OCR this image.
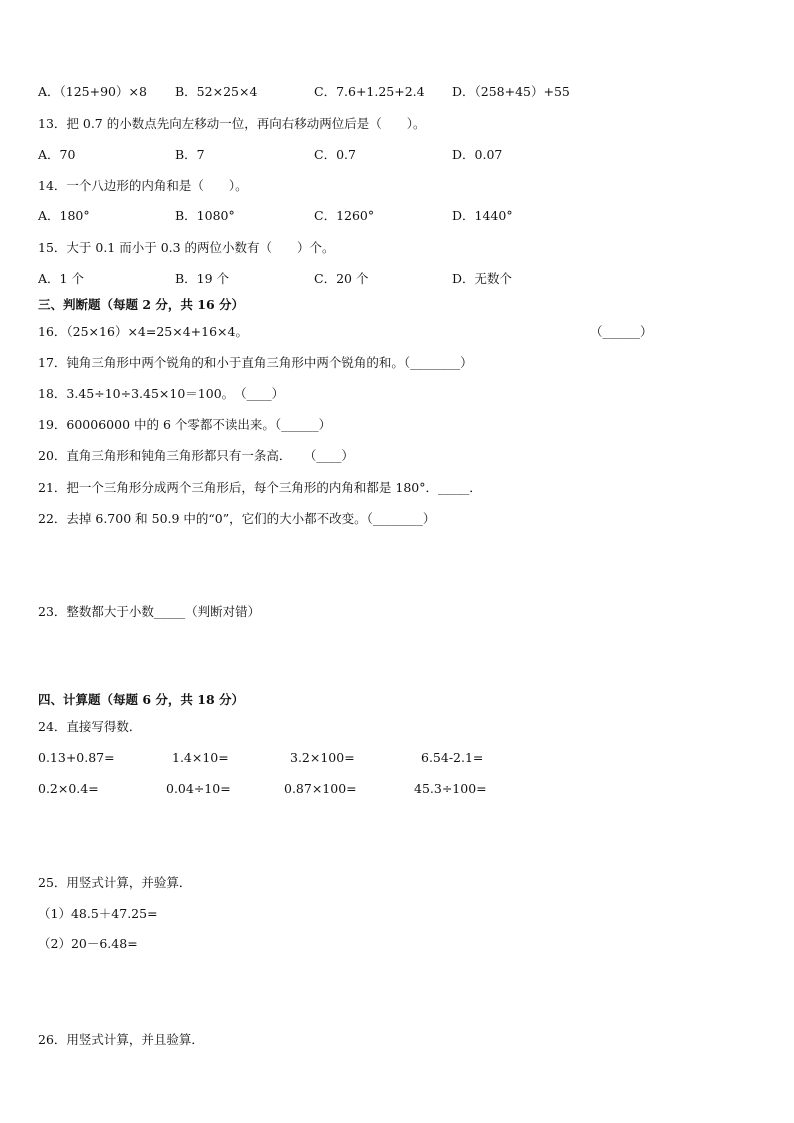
A．（125+90）×8 B．52×25×4	C．7.6+1.25+2.4 D．（258+45）+55
13．把 0.7 的小数点先向左移动一位，再向右移动两位后是（　　）。
A．70	B．7	C．0.7	D．0.07
14．一个八边形的内角和是（　　）。
A．180°	B．1080°	C．1260°	D．1440°
15．大于 0.1 而小于 0.3 的两位小数有（　　）个。
A．1 个	B．19 个	C．20 个	D．无数个
三、判断题（每题 2 分，共 16 分）
16．（25×16）×4=25×4+16×4。	（______）
17．钝角三角形中两个锐角的和小于直角三角形中两个锐角的和。（________）
18．3.45÷10÷3.45×10＝100。　（____）
19．60006000 中的 6 个零都不读出来。（______）
20．直角三角形和钝角三角形都只有一条高．　　（____）
21．把一个三角形分成两个三角形后，每个三角形的内角和都是 180°．_____．
22．去掉 6.700 和 50.9 中的“0”，它们的大小都不改变。（________）
23．整数都大于小数_____（判断对错）
四、计算题（每题 6 分，共 18 分）
24．直接写得数．
0.13+0.87=	1.4×10=	3.2×100=	6.54-2.1=
0.2×0.4=	0.04÷10=	0.87×100=	45.3÷100=
25．用竖式计算，并验算．
（1）48.5＋47.25=
（2）20－6.48=
26．用竖式计算，并且验算．
